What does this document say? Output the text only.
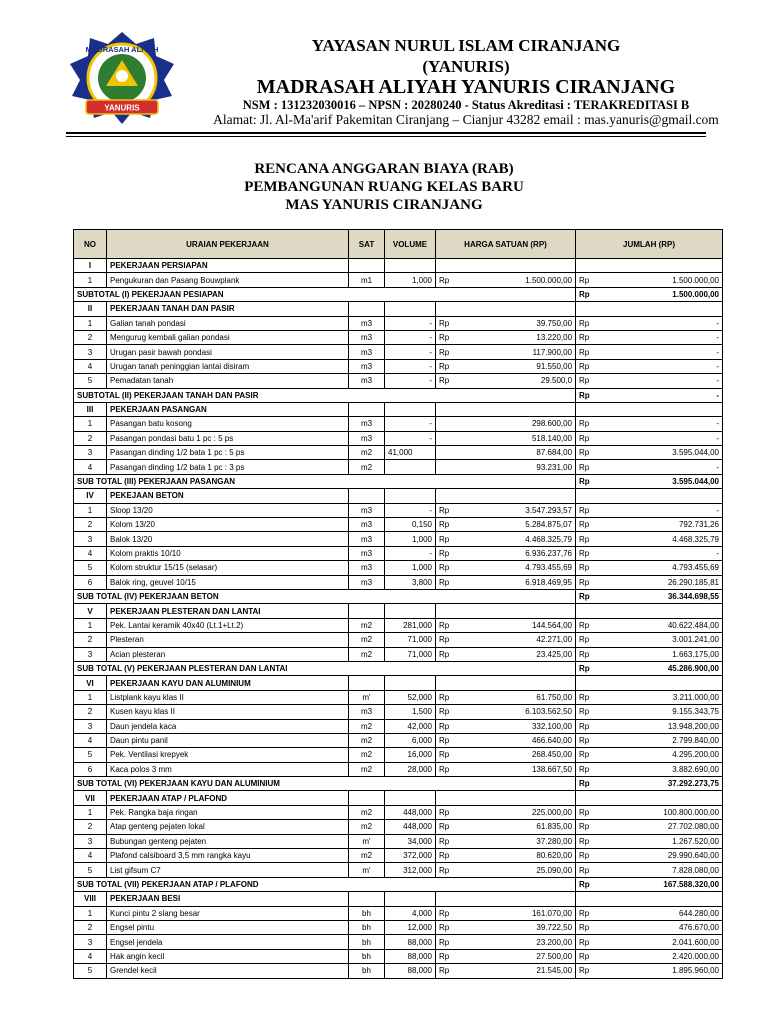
MADRASAH ALIYAH
YANURIS
YAYASAN NURUL ISLAM CIRANJANG
(YANURIS)
MADRASAH ALIYAH YANURIS CIRANJANG
NSM : 131232030016 – NPSN : 20280240 - Status Akreditasi : TERAKREDITASI B
Alamat: Jl. Al-Ma'arif Pakemitan Ciranjang – Cianjur 43282 email : mas.yanuris@gmail.com
RENCANA ANGGARAN BIAYA (RAB)
PEMBANGUNAN RUANG KELAS BARU
MAS YANURIS CIRANJANG
NO	URAIAN PEKERJAAN	SAT	VOLUME	HARGA SATUAN (RP)		JUMLAH (RP)	
I	PEKERJAAN PERSIAPAN						
1	Pengukuran dan Pasang Bouwplank	m1	1,000	Rp	1.500.000,00	Rp	1.500.000,00
SUBTOTAL (I) PEKERJAAN PESIAPAN						Rp	1.500.000,00
II	PEKERJAAN TANAH DAN PASIR						
1	Galian tanah pondasi	m3	-	Rp	39.750,00	Rp	-
2	Mengurug kembali galian pondasi	m3	-	Rp	13.220,00	Rp	-
3	Urugan pasir bawah pondasi	m3	-	Rp	117.900,00	Rp	-
4	Urugan tanah peninggian lantai disiram	m3	-	Rp	91.550,00	Rp	-
5	Pemadatan tanah	m3	-	Rp	29.500,0	Rp	-
SUBTOTAL (II) PEKERJAAN TANAH DAN PASIR						Rp	-
III	PEKERJAAN PASANGAN						
1	Pasangan batu kosong	m3	-		298.600,00	Rp	-
2	Pasangan pondasi batu 1 pc : 5 ps	m3	-		518.140,00	Rp	-
3	Pasangan dinding 1/2 bata 1 pc : 5 ps	m2	41,000		87.684,00	Rp	3.595.044,00
4	Pasangan dinding 1/2 bata 1 pc : 3 ps	m2			93.231,00	Rp	-
SUB TOTAL (III) PEKERJAAN PASANGAN						Rp	3.595.044,00
IV	PEKEJAAN BETON						
1	Sloop 13/20	m3	-	Rp	3.547.293,57	Rp	-
2	Kolom 13/20	m3	0,150	Rp	5.284.875,07	Rp	792.731,26
3	Balok 13/20	m3	1,000	Rp	4.468.325,79	Rp	4.468.325,79
4	Kolom praktis 10/10	m3	-	Rp	6.936.237,76	Rp	-
5	Kolom struktur 15/15 (selasar)	m3	1,000	Rp	4.793.455,69	Rp	4.793.455,69
6	Balok ring, geuvel 10/15	m3	3,800	Rp	6.918.469,95	Rp	26.290.185,81
SUB TOTAL (IV) PEKERJAAN BETON						Rp	36.344.698,55
V	PEKERJAAN PLESTERAN DAN LANTAI						
1	Pek. Lantai keramik 40x40 (Lt.1+Lt.2)	m2	281,000	Rp	144.564,00	Rp	40.622.484,00
2	Plesteran	m2	71,000	Rp	42.271,00	Rp	3.001.241,00
3	Acian plesteran	m2	71,000	Rp	23.425,00	Rp	1.663.175,00
SUB TOTAL (V) PEKERJAAN PLESTERAN DAN LANTAI						Rp	45.286.900,00
VI	PEKERJAAN KAYU DAN ALUMINIUM						
1	Listplank kayu klas II	m'	52,000	Rp	61.750,00	Rp	3.211.000,00
2	Kusen kayu klas II	m3	1,500	Rp	6.103.562,50	Rp	9.155.343,75
3	Daun jendela kaca	m2	42,000	Rp	332.100,00	Rp	13.948.200,00
4	Daun pintu panil	m2	6,000	Rp	466.640,00	Rp	2.799.840,00
5	Pek. Ventilasi krepyek	m2	16,000	Rp	268.450,00	Rp	4.295.200,00
6	Kaca polos 3 mm	m2	28,000	Rp	138.667,50	Rp	3.882.690,00
SUB TOTAL (VI) PEKERJAAN KAYU DAN ALUMINIUM						Rp	37.292.273,75
VII	PEKERJAAN ATAP / PLAFOND						
1	Pek. Rangka baja ringan	m2	448,000	Rp	225.000,00	Rp	100.800.000,00
2	Atap genteng pejaten lokal	m2	448,000	Rp	61.835,00	Rp	27.702.080,00
3	Bubungan genteng pejaten	m'	34,000	Rp	37.280,00	Rp	1.267.520,00
4	Plafond calsiboard 3,5 mm rangka kayu	m2	372,000	Rp	80.620,00	Rp	29.990.640,00
5	List gifsum C7	m'	312,000	Rp	25.090,00	Rp	7.828.080,00
SUB TOTAL (VII) PEKERJAAN ATAP / PLAFOND						Rp	167.588.320,00
VIII	PEKERJAAN BESI						
1	Kunci pintu 2 slang besar	bh	4,000	Rp	161.070,00	Rp	644.280,00
2	Engsel pintu	bh	12,000	Rp	39.722,50	Rp	476.670,00
3	Engsel jendela	bh	88,000	Rp	23.200,00	Rp	2.041.600,00
4	Hak angin kecil	bh	88,000	Rp	27.500,00	Rp	2.420.000,00
5	Grendel kecil	bh	88,000	Rp	21.545,00	Rp	1.895.960,00
